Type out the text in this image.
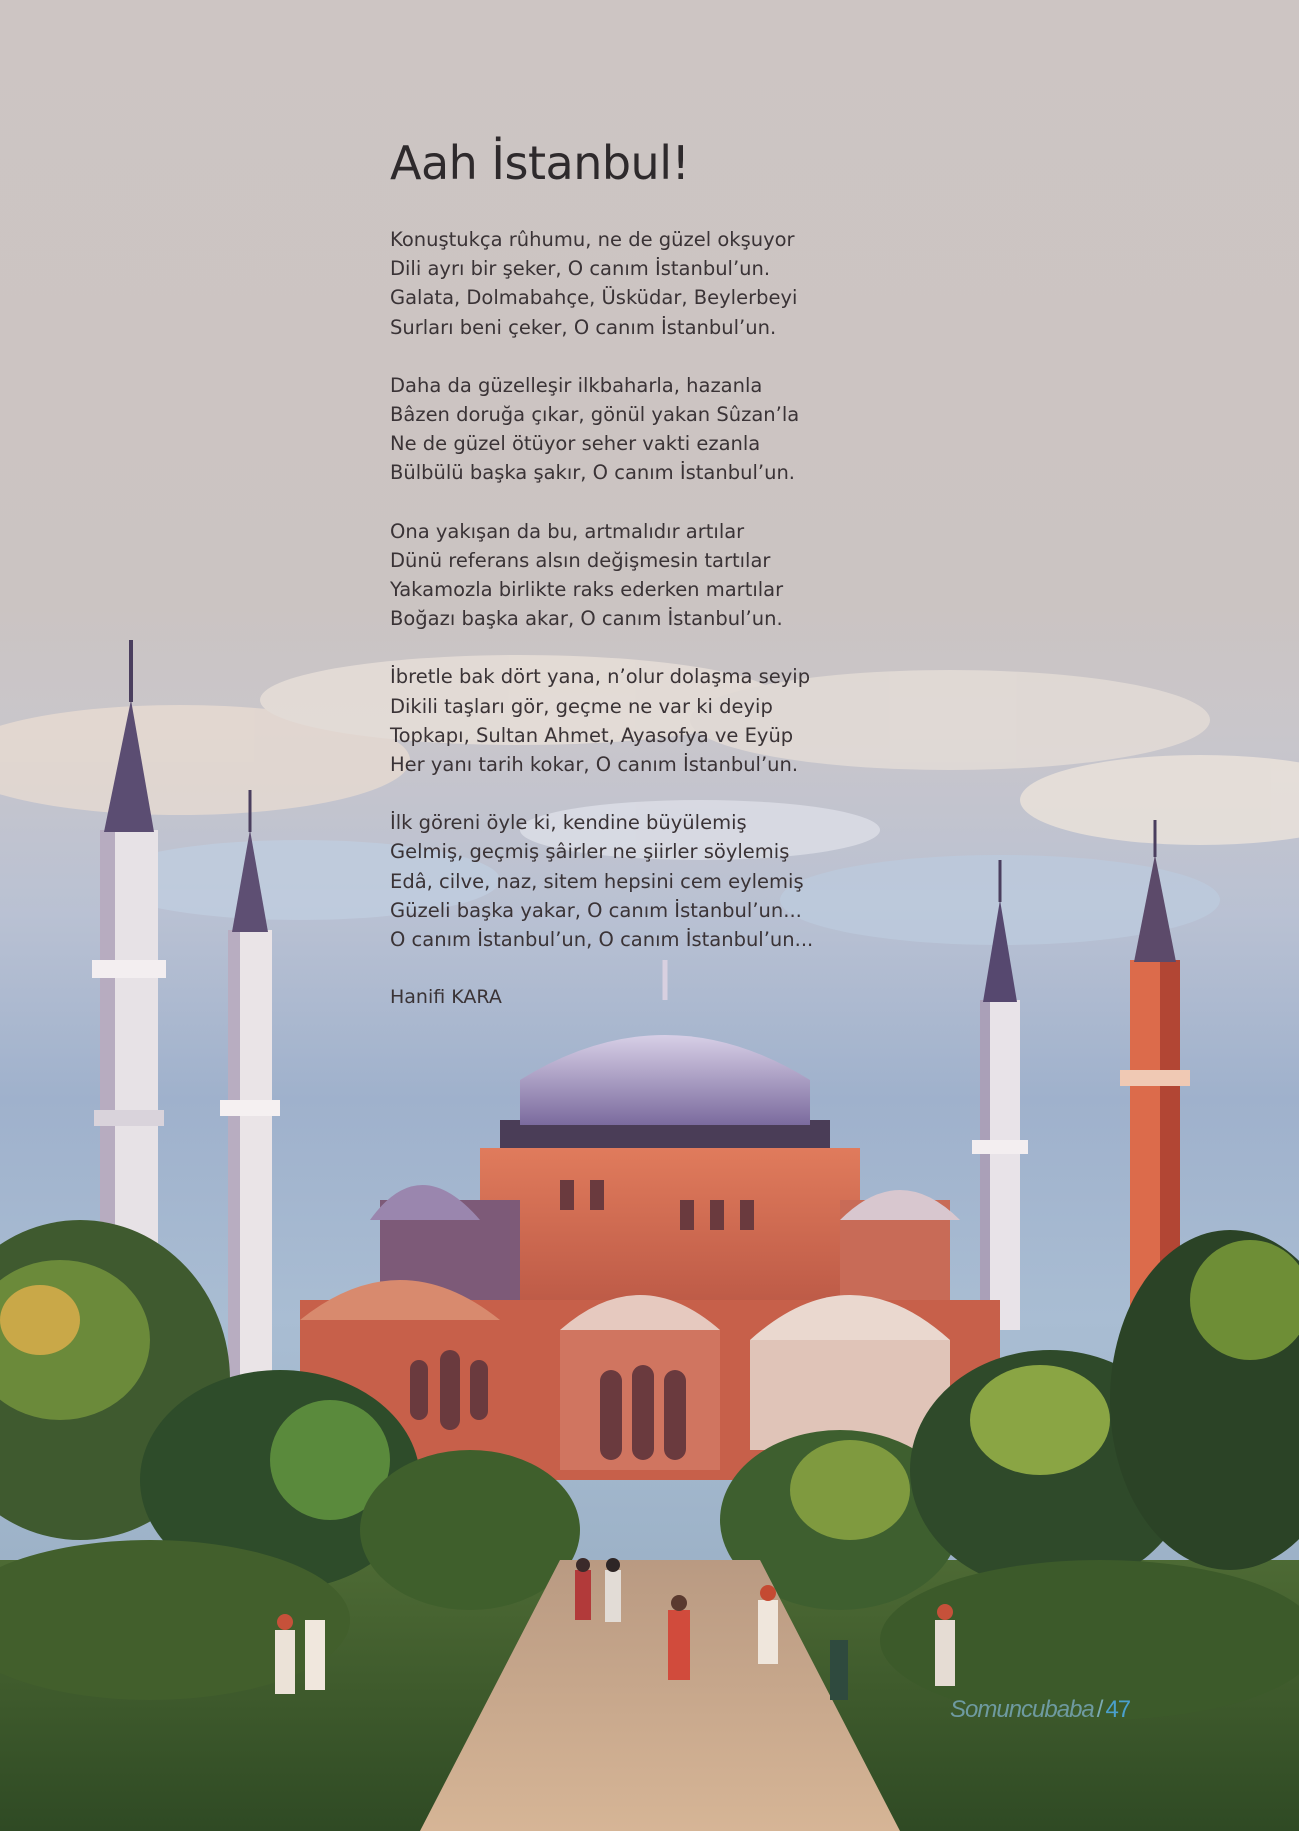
Aah İstanbul!
Konuştukça rûhumu, ne de güzel okşuyor
Dili ayrı bir şeker, O canım İstanbul’un.
Galata, Dolmabahçe, Üsküdar, Beylerbeyi
Surları beni çeker, O canım İstanbul’un.
Daha da güzelleşir ilkbaharla, hazanla
Bâzen doruğa çıkar, gönül yakan Sûzan’la
Ne de güzel ötüyor seher vakti ezanla
Bülbülü başka şakır, O canım İstanbul’un.
Ona yakışan da bu, artmalıdır artılar
Dünü referans alsın değişmesin tartılar
Yakamozla birlikte raks ederken martılar
Boğazı başka akar, O canım İstanbul’un.
İbretle bak dört yana, n’olur dolaşma seyip
Dikili taşları gör, geçme ne var ki deyip
Topkapı, Sultan Ahmet, Ayasofya ve Eyüp
Her yanı tarih kokar, O canım İstanbul’un.
İlk göreni öyle ki, kendine büyülemiş
Gelmiş, geçmiş şâirler ne şiirler söylemiş
Edâ, cilve, naz, sitem hepsini cem eylemiş
Güzeli başka yakar, O canım İstanbul’un...
O canım İstanbul’un, O canım İstanbul’un...
Hanifi KARA
Somuncubaba / 47
